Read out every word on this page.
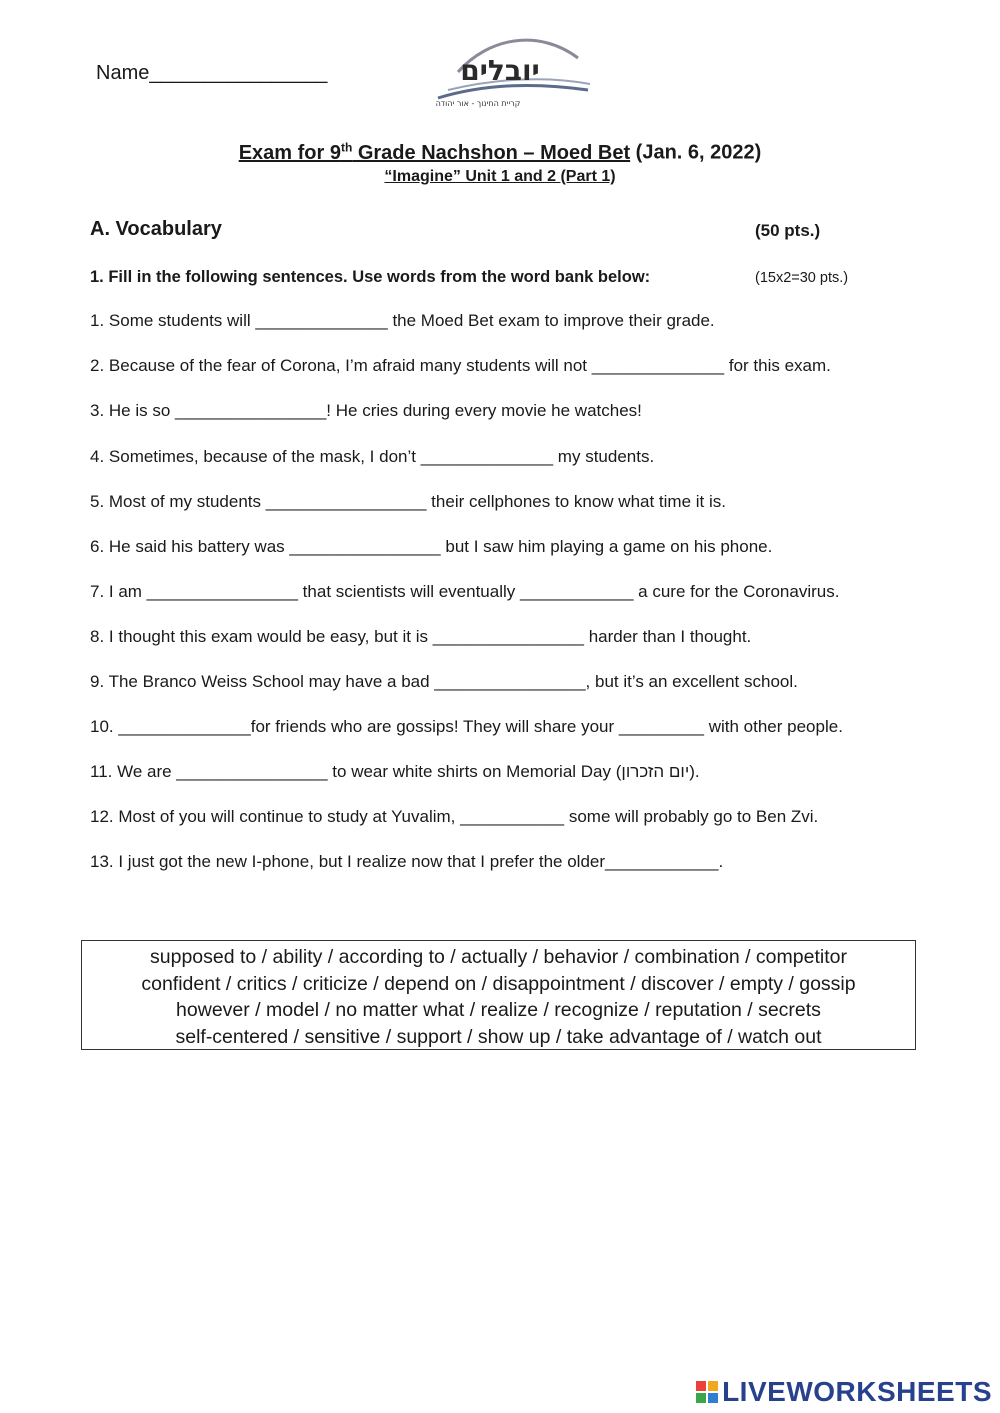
Name________________	יובלים
קריית החינוך - אור יהודה
Exam for 9th Grade Nachshon – Moed Bet (Jan. 6, 2022)
“Imagine” Unit 1 and 2 (Part 1)
A. Vocabulary	(50 pts.)
1. Fill in the following sentences. Use words from the word bank below:	(15x2=30 pts.)
1. Some students will ______________ the Moed Bet exam to improve their grade.
2. Because of the fear of Corona, I’m afraid many students will not ______________ for this exam.
3. He is so ________________! He cries during every movie he watches!
4. Sometimes, because of the mask, I don’t ______________ my students.
5. Most of my students _________________ their cellphones to know what time it is.
6. He said his battery was ________________ but I saw him playing a game on his phone.
7. I am ________________ that scientists will eventually ____________ a cure for the Coronavirus.
8. I thought this exam would be easy, but it is ________________ harder than I thought.
9. The Branco Weiss School may have a bad ________________, but it’s an excellent school.
10. ______________for friends who are gossips! They will share your _________ with other people.
11. We are ________________ to wear white shirts on Memorial Day (יום הזכרון).
12. Most of you will continue to study at Yuvalim, ___________ some will probably go to Ben Zvi.
13. I just got the new I-phone, but I realize now that I prefer the older____________.
supposed to / ability / according to / actually / behavior / combination / competitor
confident / critics / criticize / depend on / disappointment / discover / empty / gossip
however / model / no matter what / realize / recognize / reputation / secrets
self-centered / sensitive / support / show up / take advantage of / watch out
LIVEWORKSHEETS
